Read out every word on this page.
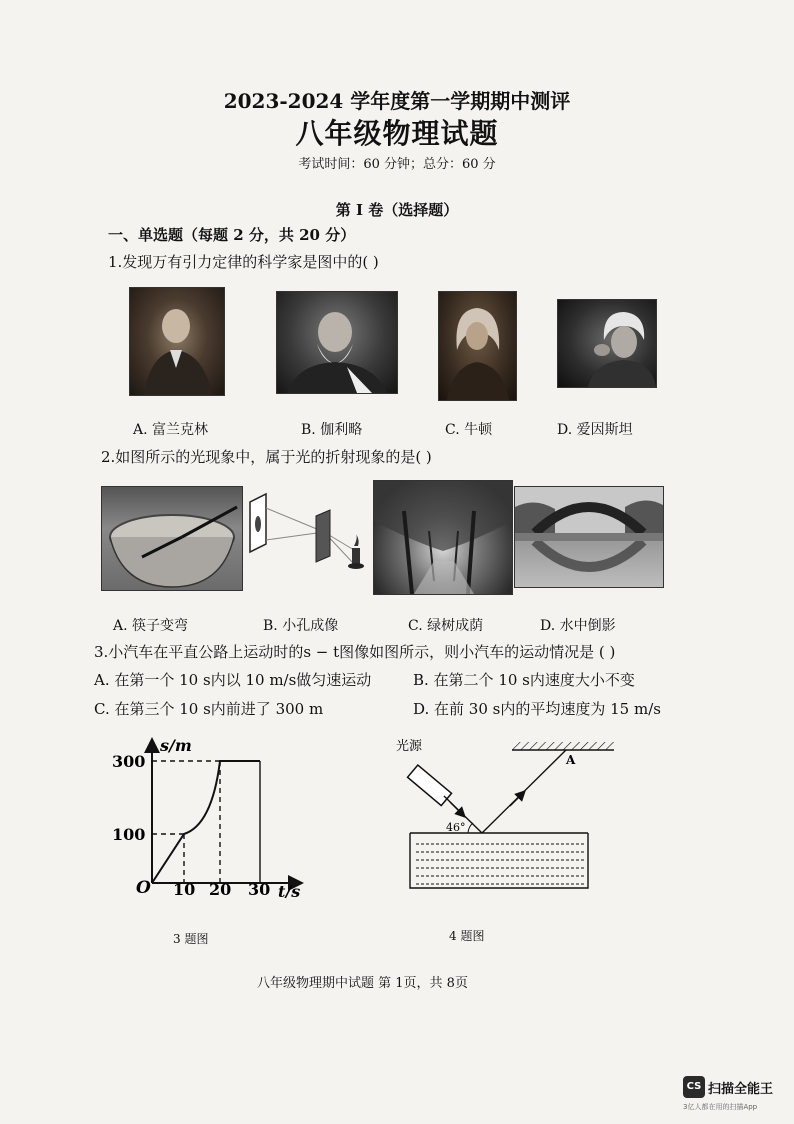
2023-2024 学年度第一学期期中测评
八年级物理试题
考试时间：60 分钟；总分：60 分
第 I 卷（选择题）
一、单选题（每题 2 分，共 20 分）
1.发现万有引力定律的科学家是图中的( )
A. 富兰克林	B. 伽利略	C. 牛顿	D. 爱因斯坦
2.如图所示的光现象中，属于光的折射现象的是( )
A. 筷子变弯	B. 小孔成像	C. 绿树成荫	D. 水中倒影
3.小汽车在平直公路上运动时的s − t图像如图所示，则小汽车的运动情况是 ( )
A. 在第一个 10 s内以 10 m/s做匀速运动	B. 在第二个 10 s内速度大小不变
C. 在第三个 10 s内前进了 300 m	D. 在前 30 s内的平均速度为 15 m/s
s/m
t/s
O
100
300
10 20 30
3 题图
光源
46°
A
4 题图
八年级物理期中试题 第 1页，共 8页
CS 扫描全能王
3亿人都在用的扫描App
